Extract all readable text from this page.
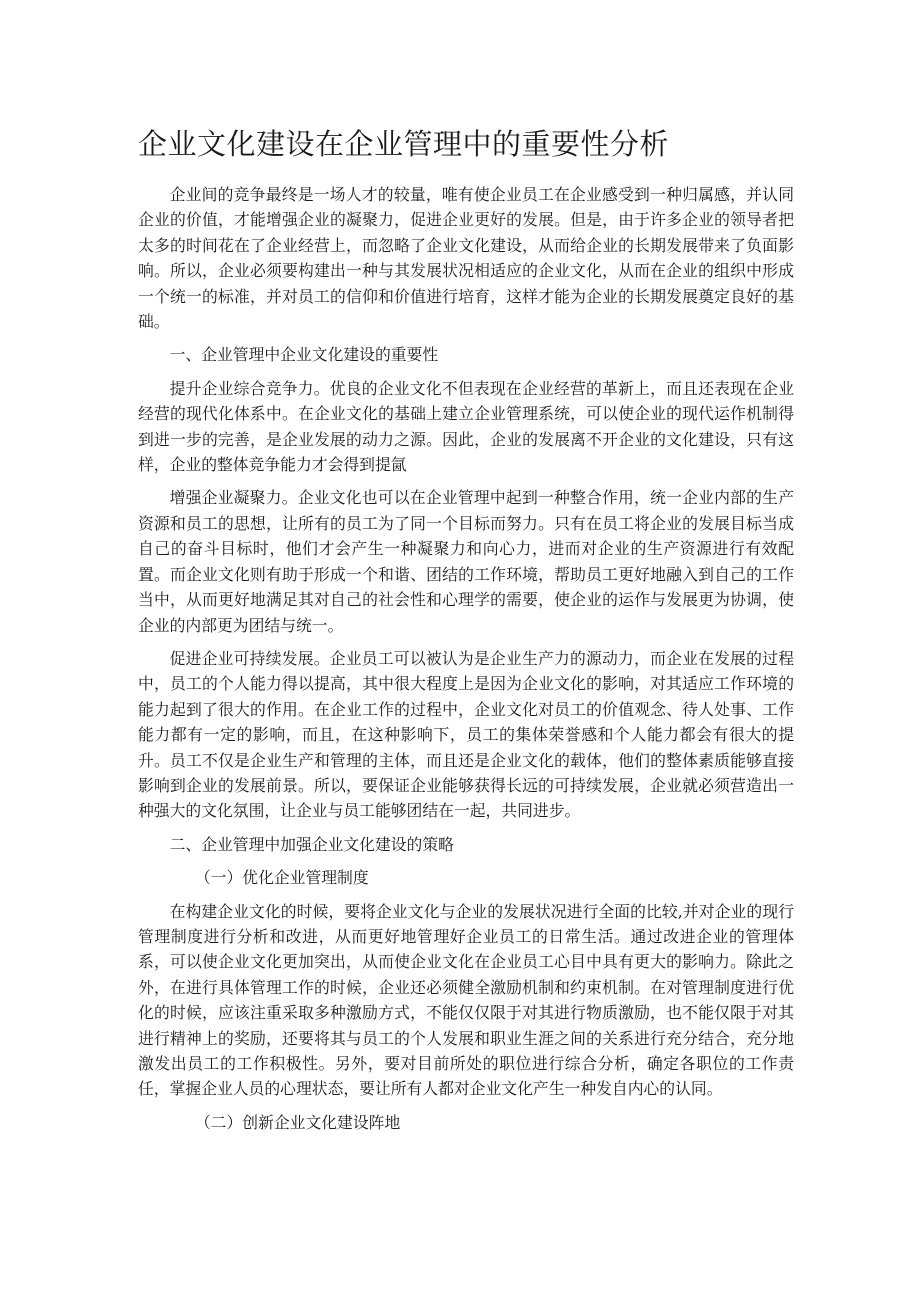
企业文化建设在企业管理中的重要性分析

企业间的竞争最终是一场人才的较量，唯有使企业员工在企业感受到一种归属感，并认同企业的价值，才能增强企业的凝聚力，促进企业更好的发展。但是，由于许多企业的领导者把太多的时间花在了企业经营上，而忽略了企业文化建设，从而给企业的长期发展带来了负面影响。所以，企业必须要构建出一种与其发展状况相适应的企业文化，从而在企业的组织中形成一个统一的标准，并对员工的信仰和价值进行培育，这样才能为企业的长期发展奠定良好的基础。

一、企业管理中企业文化建设的重要性

提升企业综合竞争力。优良的企业文化不但表现在企业经营的革新上，而且还表现在企业经营的现代化体系中。在企业文化的基础上建立企业管理系统，可以使企业的现代运作机制得到进一步的完善，是企业发展的动力之源。因此，企业的发展离不开企业的文化建设，只有这样，企业的整体竞争能力才会得到提氤

增强企业凝聚力。企业文化也可以在企业管理中起到一种整合作用，统一企业内部的生产资源和员工的思想，让所有的员工为了同一个目标而努力。只有在员工将企业的发展目标当成自己的奋斗目标时，他们才会产生一种凝聚力和向心力，进而对企业的生产资源进行有效配置。而企业文化则有助于形成一个和谐、团结的工作环境，帮助员工更好地融入到自己的工作当中，从而更好地满足其对自己的社会性和心理学的需要，使企业的运作与发展更为协调，使企业的内部更为团结与统一。

促进企业可持续发展。企业员工可以被认为是企业生产力的源动力，而企业在发展的过程中，员工的个人能力得以提高，其中很大程度上是因为企业文化的影响，对其适应工作环境的能力起到了很大的作用。在企业工作的过程中，企业文化对员工的价值观念、待人处事、工作能力都有一定的影响，而且，在这种影响下，员工的集体荣誉感和个人能力都会有很大的提升。员工不仅是企业生产和管理的主体，而且还是企业文化的载体，他们的整体素质能够直接影响到企业的发展前景。所以，要保证企业能够获得长远的可持续发展，企业就必须营造出一种强大的文化氛围，让企业与员工能够团结在一起，共同进步。

二、企业管理中加强企业文化建设的策略

（一）优化企业管理制度

在构建企业文化的时候，要将企业文化与企业的发展状况进行全面的比较,并对企业的现行管理制度进行分析和改进，从而更好地管理好企业员工的日常生活。通过改进企业的管理体系，可以使企业文化更加突出，从而使企业文化在企业员工心目中具有更大的影响力。除此之外，在进行具体管理工作的时候，企业还必须健全激励机制和约束机制。在对管理制度进行优化的时候，应该注重采取多种激励方式，不能仅仅限于对其进行物质激励，也不能仅限于对其进行精神上的奖励，还要将其与员工的个人发展和职业生涯之间的关系进行充分结合，充分地激发出员工的工作积极性。另外，要对目前所处的职位进行综合分析，确定各职位的工作责任，掌握企业人员的心理状态，要让所有人都对企业文化产生一种发自内心的认同。

（二）创新企业文化建设阵地
